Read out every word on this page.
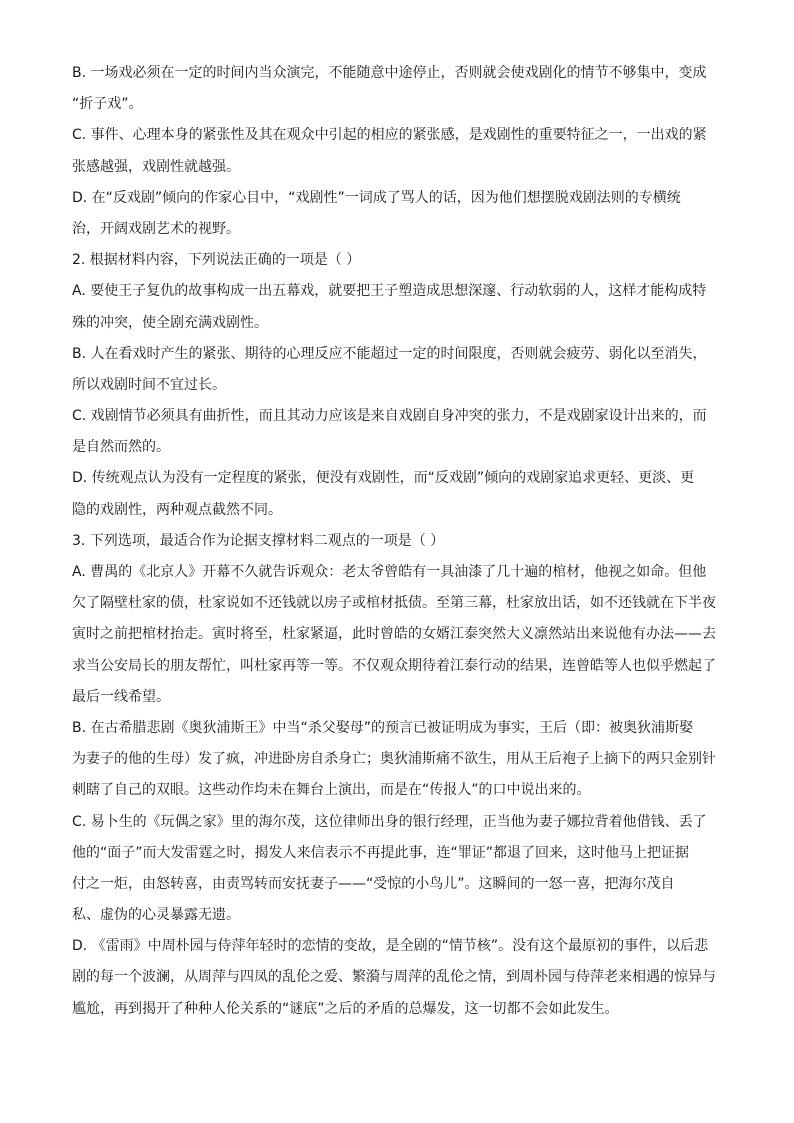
B. 一场戏必须在一定的时间内当众演完，不能随意中途停止，否则就会使戏剧化的情节不够集中，变成
“折子戏”。
C. 事件、心理本身的紧张性及其在观众中引起的相应的紧张感，是戏剧性的重要特征之一，一出戏的紧
张感越强，戏剧性就越强。
D. 在“反戏剧”倾向的作家心目中，“戏剧性”一词成了骂人的话，因为他们想摆脱戏剧法则的专横统
治，开阔戏剧艺术的视野。
2. 根据材料内容，下列说法正确的一项是（ ）
A. 要使王子复仇的故事构成一出五幕戏，就要把王子塑造成思想深邃、行动软弱的人，这样才能构成特
殊的冲突，使全剧充满戏剧性。
B. 人在看戏时产生的紧张、期待的心理反应不能超过一定的时间限度，否则就会疲劳、弱化以至消失，
所以戏剧时间不宜过长。
C. 戏剧情节必须具有曲折性，而且其动力应该是来自戏剧自身冲突的张力，不是戏剧家设计出来的，而
是自然而然的。
D. 传统观点认为没有一定程度的紧张，便没有戏剧性，而“反戏剧”倾向的戏剧家追求更轻、更淡、更
隐的戏剧性，两种观点截然不同。
3. 下列选项，最适合作为论据支撑材料二观点的一项是（ ）
A. 曹禺的《北京人》开幕不久就告诉观众：老太爷曾皓有一具油漆了几十遍的棺材，他视之如命。但他
欠了隔壁杜家的债，杜家说如不还钱就以房子或棺材抵债。至第三幕，杜家放出话，如不还钱就在下半夜
寅时之前把棺材抬走。寅时将至，杜家紧逼，此时曾皓的女婿江泰突然大义凛然站出来说他有办法——去
求当公安局长的朋友帮忙，叫杜家再等一等。不仅观众期待着江泰行动的结果，连曾皓等人也似乎燃起了
最后一线希望。
B. 在古希腊悲剧《奥狄浦斯王》中当“杀父娶母”的预言已被证明成为事实，王后（即：被奥狄浦斯娶
为妻子的他的生母）发了疯，冲进卧房自杀身亡；奥狄浦斯痛不欲生，用从王后袍子上摘下的两只金别针
刺瞎了自己的双眼。这些动作均未在舞台上演出，而是在“传报人”的口中说出来的。
C. 易卜生的《玩偶之家》里的海尔茂，这位律师出身的银行经理，正当他为妻子娜拉背着他借钱、丢了
他的“面子”而大发雷霆之时，揭发人来信表示不再提此事，连“罪证”都退了回来，这时他马上把证据
付之一炬，由怒转喜，由责骂转而安抚妻子——“受惊的小鸟儿”。这瞬间的一怒一喜，把海尔茂自
私、虚伪的心灵暴露无遗。
D. 《雷雨》中周朴园与侍萍年轻时的恋情的变故，是全剧的“情节核”。没有这个最原初的事件，以后悲
剧的每一个波澜，从周萍与四凤的乱伦之爱、繁漪与周萍的乱伦之情，到周朴园与侍萍老来相遇的惊异与
尴尬，再到揭开了种种人伦关系的“谜底”之后的矛盾的总爆发，这一切都不会如此发生。
